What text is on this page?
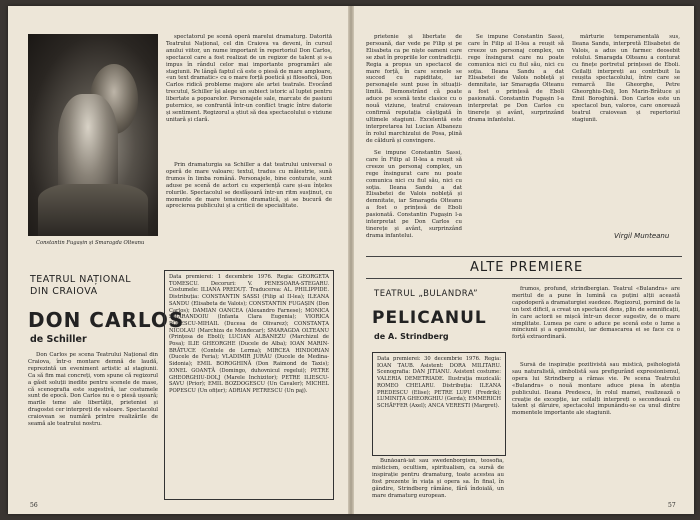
Constantin Fugașin și Smaragda Olteanu

spectatorul pe scenă operă marelui dramaturg. Datorită Teatrului Național, cel din Craiova va deveni, în cursul anului viitor, un nume important în repertoriul Don Carlos, spectacol care a fost realizat de un regizor de talent și s-a impus în rândul celor mai importante programări ale stagiunii. Pe lângă faptul că este o piesă de mare amploare, «un text dramatic» cu o mare forță poetică și filosofică, Don Carlos ridică probleme majore ale artei teatrale. Evocând trecutul, Schiller își alege un subiect istoric al luptei pentru libertate a popoarelor. Personajele sale, marcate de pasiuni puternice, se confruntă într-un conflict tragic între datorie și sentiment. Regizorul a știut să dea spectacolului o viziune unitară și clară.

Prin dramaturgia sa Schiller a dat teatrului universal o operă de mare valoare; textul, tradus cu măiestrie, sună frumos în limba română. Personajele, bine conturate, sunt aduse pe scenă de actori cu experiență care și-au înțeles rolurile. Spectacolul se desfășoară într-un ritm susținut, cu momente de mare tensiune dramatică, și se bucură de aprecierea publicului și a criticii de specialitate.

TEATRUL NAȚIONAL
DIN CRAIOVA
DON CARLOS
de Schiller

Don Carlos pe scena Teatrului Național din Craiova, într-o montare demnă de laudă, reprezintă un eveniment artistic al stagiunii. Ca să fim mai concreți, vom spune că regizorul a găsit soluții inedite pentru scenele de mase, că scenografia este sugestivă, iar costumele sunt de epocă. Don Carlos nu e o piesă ușoară; marile teme ale libertății, prieteniei și dragostei cer interpreți de valoare. Spectacolul craiovean se numără printre realizările de seamă ale teatrului nostru.

Data premierei: 1 decembrie 1976. Regia: GEORGETA TOMESCU. Decoruri: V. PENESOARA-STEGARU. Costumele: ILIANA PREDUȚ. Traducerea: AL. PHILIPPIDE. Distribuția: CONSTANTIN SASSI (Filip al II-lea); ILEANA SANDU (Elisabeta de Valois); CONSTANTIN FUGAȘIN (Don Carlos); DAMIAN OANCEA (Alexandro Farnese); MONICA SMARANDOIU (Infanta Clara Eugenia); VIORICA POPESCU-MIHAIL (Ducesa de Olivarez); CONSTANȚA NICOLAU (Marchiza de Mondecar); SMARAGDA OLTEANU (Prințesa de Eboli); LUCIAN ALBANEZU (Marchizul de Posa); ILIE GHEORGHE (Ducele de Alba); IOAN MARIN-BRĂTUCE (Contele de Lerma); MIRCEA HINDORIAN (Ducele de Feria); VLADIMIR JURĂU (Ducele de Medina-Sidonia); EMIL BOROGHINĂ (Don Raimond de Taxis); IONEL GOANȚĂ (Domingo, duhovnicul regelui); PETRE GHEORGHIU-DOLJ (Marele Inchizitor); PETRE ILIESCU-SAVU (Prior); EMIL BOZDOGESCU (Un Cavaler); MICHEL POPESCU (Un ofițer); ADRIAN PETRESCU (Un paj).

56

prietenie și libertate de persoană, dar vede pe Filip și pe Elisabeta ca pe niște oameni care se zbat în propriile lor contradicții. Regia a propus un spectacol de mare forță, în care scenele se succed cu rapiditate, iar personajele sunt puse în situații-limită. Demonstrând că poate aduce pe scenă texte clasice cu o nouă viziune, teatrul craiovean confirmă reputația câștigată în ultimele stagiuni. Excelentă este interpretarea lui Lucian Albanezu în rolul marchizului de Posa, plină de căldură și convingere.

Se impune Constantin Sassi, care în Filip al II-lea a reușit să creeze un personaj complex, un rege însingurat care nu poate comunica nici cu fiul său, nici cu soția. Ileana Sandu a dat Elisabetei de Valois nobleță și demnitate, iar Smaragda Olteanu a fost o prințesă de Eboli pasionată. Constantin Fugașin l-a interpretat pe Don Carlos cu tinerețe și avânt, surprinzând drama infantelui.

Se impune Constantin Sassi, care în Filip al II-lea a reușit să creeze un personaj complex, un rege însingurat care nu poate comunica nici cu fiul său, nici cu soția. Ileana Sandu a dat Elisabetei de Valois nobleță și demnitate, iar Smaragda Olteanu a fost o prințesă de Eboli pasionată. Constantin Fugașin l-a interpretat pe Don Carlos cu tinerețe și avânt, surprinzând drama infantelui.

mărturie temperamentală sus, Ileana Sandu, interpretă Elisabetei de Valois, a adus un farmec deosebit rolului. Smaragda Olteanu a conturat cu finețe portretul prințesei de Eboli. Ceilalți interpreți au contribuit la reușita spectacolului, între care se remarcă Ilie Gheorghe, Petre Gheorghiu-Dolj, Ion Marin-Brătuce și Emil Boroghină. Don Carlos este un spectacol bun, valoros, care onorează teatrul craiovean și repertoriul stagiunii.

Virgil Munteanu
ALTE PREMIERE
TEATRUL „BULANDRA”
PELICANUL
de A. Strindberg

Data premierei: 30 decembrie 1976. Regia: IOAN TAUB. Asistent: DORA MILITARU. Scenografia: DAN JITIANU. Asistent costume: VALERIA DEMETRIADE. Ilustrația muzicală: ROMEO CHELARU. Distribuția: ILEANA PREDESCU (Elise); PETRE LUPU (Fredrik); LUMINIȚA GHEORGHIU (Gerda); EMMERICH SCHÄFFER (Axel); ANCA VERESTI (Margret).

frumos, profund, strindbergian. Teatrul «Bulandra» are meritul de a pune în lumină ca puțini alții această capodoperă a dramaturgiei suedeze. Regizorul, pornind de la un text dificil, a creat un spectacol dens, plin de semnificații, în care actorii se mișcă într-un decor sugestiv, de o mare simplitate. Lumea pe care o aduce pe scenă este o lume a minciunii și a egoismului, iar demascarea ei se face cu o forță extraordinară.

Bunăoară-iat sau swedenborgism, teosofia, misticism, ocultism, spiritualism, ca sursă de inspirație pentru dramaturg, toate acestea au fost prezente în viața și opera sa. În final, în gândire, Strindberg rămâne, fără îndoială, un mare dramaturg european.

Sursă de inspirație pozitivistă sau mistică, psihologistă sau naturalistă, simbolistă sau prefigurând expresionismul, opera lui Strindberg a rămas vie. Pe scena Teatrului «Bulandra» o nouă montare aduce piesa în atenția publicului. Ileana Predescu, în rolul mamei, realizează o creație de excepție, iar ceilalți interpreți o secondează cu talent și dăruire, spectacolul impunându-se ca unul dintre momentele importante ale stagiunii.

57
